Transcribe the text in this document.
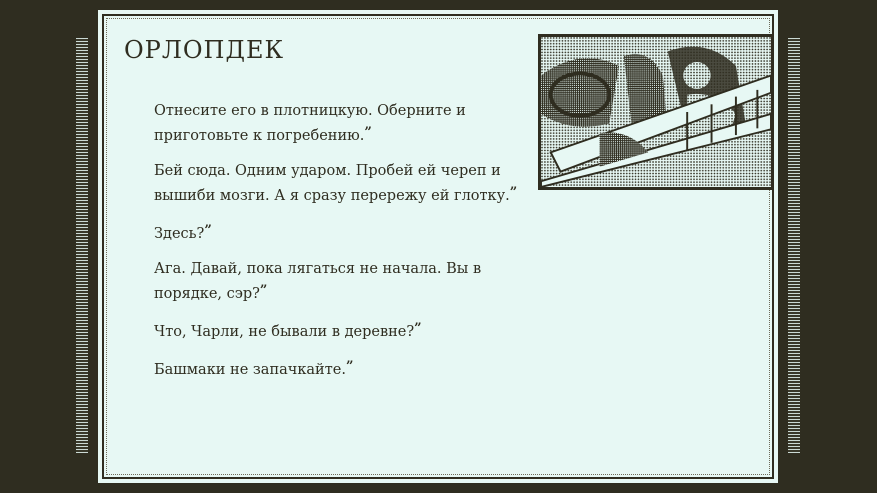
ОРЛОПДЕК
Отнесите его в плотницкую. Оберните и приготовьте к погребению.”
Бей сюда. Одним ударом. Пробей ей череп и вышиби мозги. А я сразу перережу ей глотку.”
Здесь?”
Ага. Давай, пока лягаться не начала. Вы в порядке, сэр?”
Что, Чарли, не бывали в деревне?”
Башмаки не запачкайте.”
